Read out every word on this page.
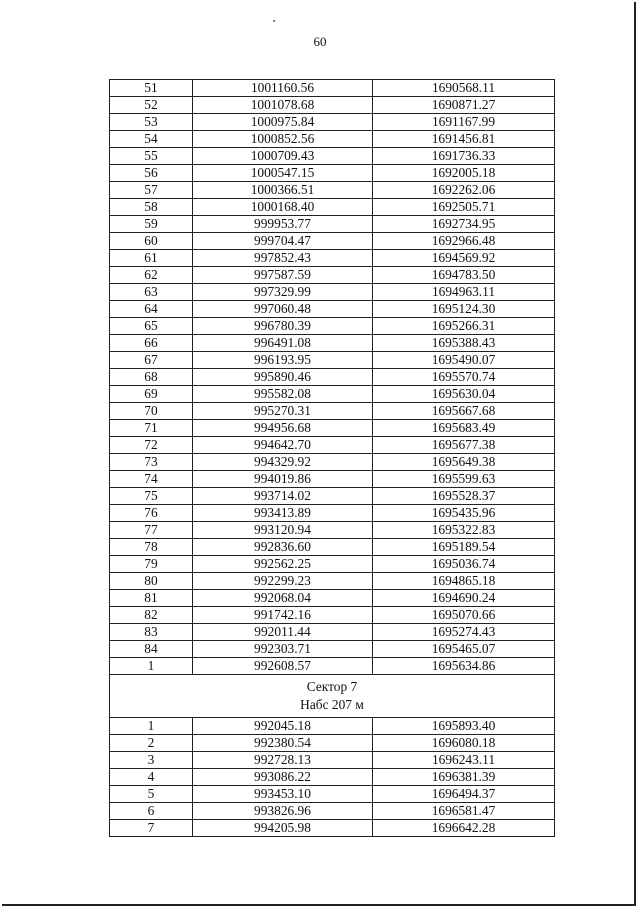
60
51	1001160.56	1690568.11
52	1001078.68	1690871.27
53	1000975.84	1691167.99
54	1000852.56	1691456.81
55	1000709.43	1691736.33
56	1000547.15	1692005.18
57	1000366.51	1692262.06
58	1000168.40	1692505.71
59	999953.77	1692734.95
60	999704.47	1692966.48
61	997852.43	1694569.92
62	997587.59	1694783.50
63	997329.99	1694963.11
64	997060.48	1695124.30
65	996780.39	1695266.31
66	996491.08	1695388.43
67	996193.95	1695490.07
68	995890.46	1695570.74
69	995582.08	1695630.04
70	995270.31	1695667.68
71	994956.68	1695683.49
72	994642.70	1695677.38
73	994329.92	1695649.38
74	994019.86	1695599.63
75	993714.02	1695528.37
76	993413.89	1695435.96
77	993120.94	1695322.83
78	992836.60	1695189.54
79	992562.25	1695036.74
80	992299.23	1694865.18
81	992068.04	1694690.24
82	991742.16	1695070.66
83	992011.44	1695274.43
84	992303.71	1695465.07
1	992608.57	1695634.86

Сектор 7
Набс 207 м		

1	992045.18	1695893.40
2	992380.54	1696080.18
3	992728.13	1696243.11
4	993086.22	1696381.39
5	993453.10	1696494.37
6	993826.96	1696581.47
7	994205.98	1696642.28
